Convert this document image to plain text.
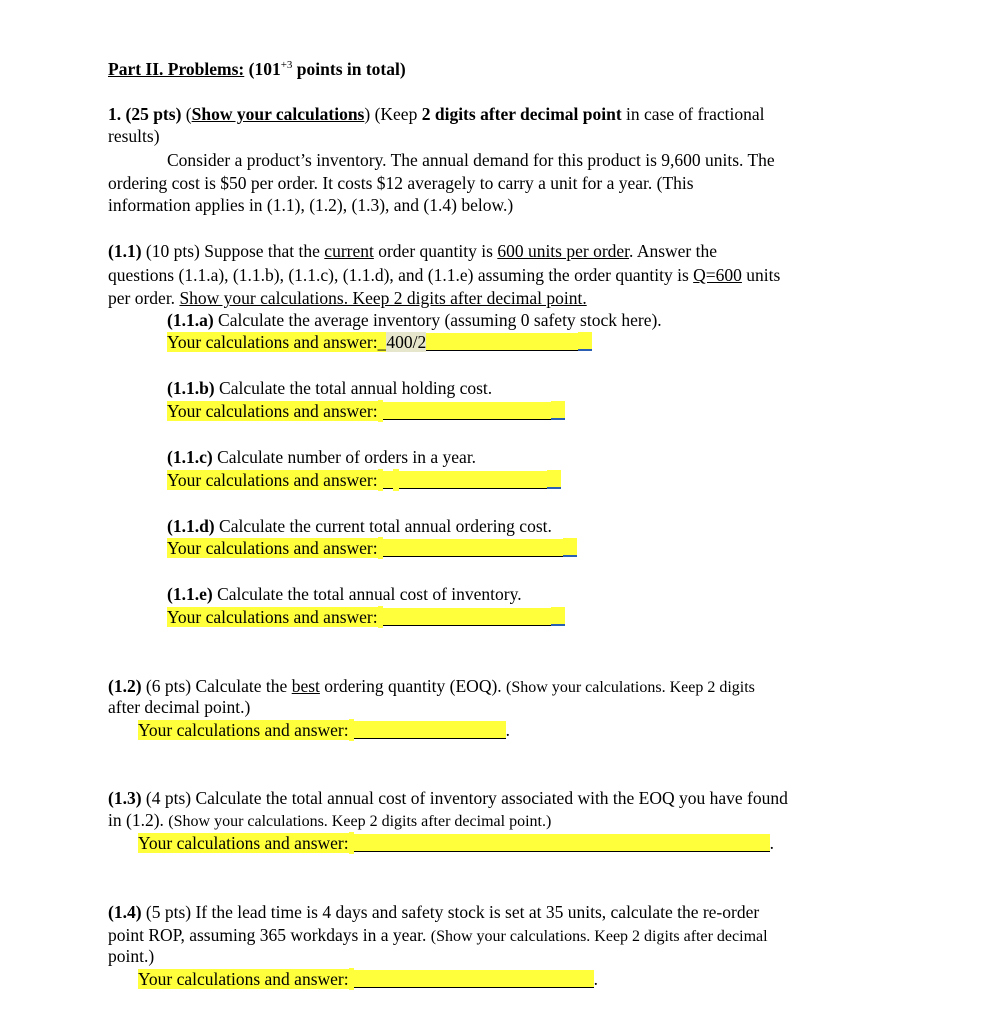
Part II. Problems: ($101^{+3}$ points in total)
1. (25 pts) (Show your calculations) (Keep 2 digits after decimal point in case of fractional
results)
Consider a product’s inventory. The annual demand for this product is 9,600 units. The
ordering cost is $50 per order. It costs $12 averagely to carry a unit for a year. (This
information applies in (1.1), (1.2), (1.3), and (1.4) below.)
(1.1) (10 pts) Suppose that the current order quantity is 600 units per order. Answer the
questions (1.1.a), (1.1.b), (1.1.c), (1.1.d), and (1.1.e) assuming the order quantity is Q=600 units
per order. Show your calculations. Keep 2 digits after decimal point.
(1.1.a) Calculate the average inventory (assuming 0 safety stock here).
Your calculations and answer:_400/2
(1.1.b) Calculate the total annual holding cost.
Your calculations and answer:
(1.1.c) Calculate number of orders in a year.
Your calculations and answer:
(1.1.d) Calculate the current total annual ordering cost.
Your calculations and answer:
(1.1.e) Calculate the total annual cost of inventory.
Your calculations and answer:
(1.2) (6 pts) Calculate the best ordering quantity (EOQ). (Show your calculations. Keep 2 digits
after decimal point.)
Your calculations and answer:	.
(1.3) (4 pts) Calculate the total annual cost of inventory associated with the EOQ you have found
in (1.2). (Show your calculations. Keep 2 digits after decimal point.)
Your calculations and answer:	.
(1.4) (5 pts) If the lead time is 4 days and safety stock is set at 35 units, calculate the re-order
point ROP, assuming 365 workdays in a year. (Show your calculations. Keep 2 digits after decimal
point.)
Your calculations and answer:	.
